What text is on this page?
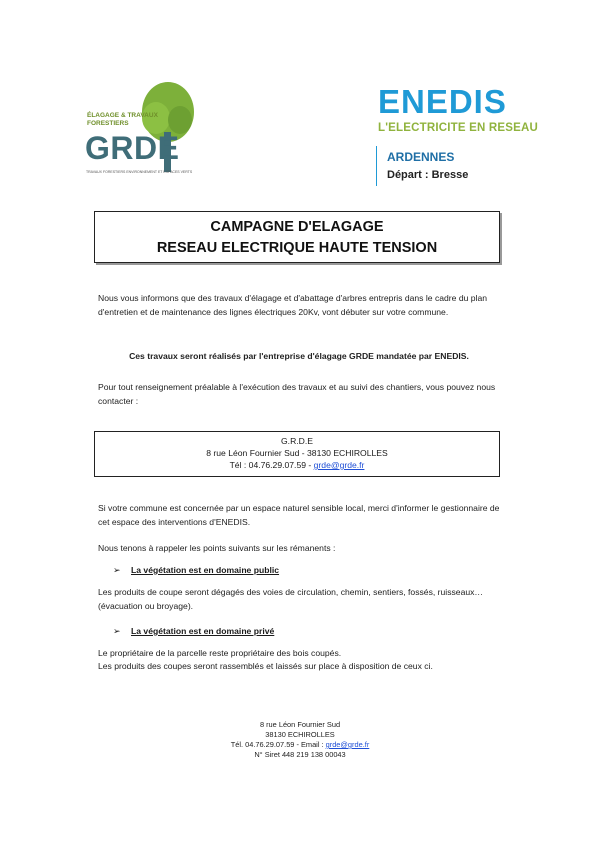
ÉLAGAGE & TRAVAUX
FORESTIERS
GRDE
TRAVAUX FORESTIERS ENVIRONNEMENT ET ESPACES VERTS
ENEDIS
L'ELECTRICITE EN RESEAU
ARDENNES
Départ : Bresse
CAMPAGNE D'ELAGAGE
RESEAU ELECTRIQUE HAUTE TENSION
Nous vous informons que des travaux d'élagage et d'abattage d'arbres entrepris dans le cadre du plan d'entretien et de maintenance des lignes électriques 20Kv, vont débuter sur votre commune.
Ces travaux seront réalisés par l'entreprise d'élagage GRDE mandatée par ENEDIS.
Pour tout renseignement préalable à l'exécution des travaux et au suivi des chantiers, vous pouvez nous contacter :
G.R.D.E
8 rue Léon Fournier Sud - 38130 ECHIROLLES
Tél : 04.76.29.07.59 - grde@grde.fr
Si votre commune est concernée par un espace naturel sensible local, merci d'informer le gestionnaire de cet espace des interventions d'ENEDIS.
Nous tenons à rappeler les points suivants sur les rémanents :
➢ La végétation est en domaine public
Les produits de coupe seront dégagés des voies de circulation, chemin, sentiers, fossés, ruisseaux… (évacuation ou broyage).
➢ La végétation est en domaine privé
Le propriétaire de la parcelle reste propriétaire des bois coupés.
Les produits des coupes seront rassemblés et laissés sur place à disposition de ceux ci.
8 rue Léon Fournier Sud
38130 ECHIROLLES
Tél. 04.76.29.07.59 - Email : grde@grde.fr
N° Siret 448 219 138 00043
